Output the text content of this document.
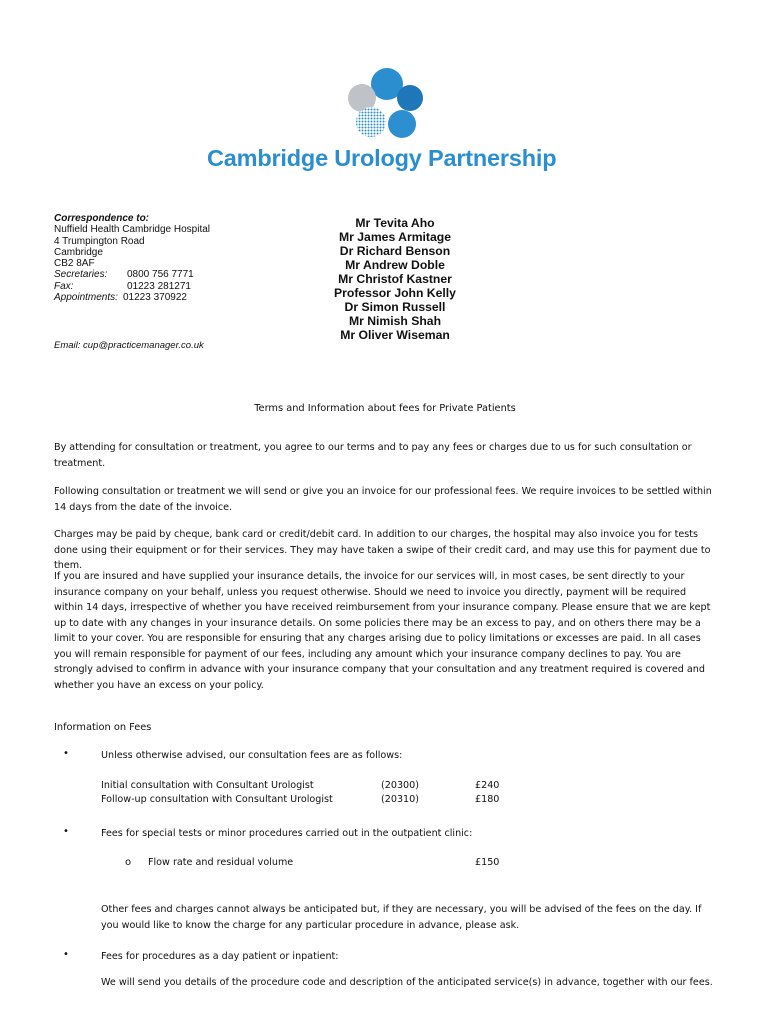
Cambridge Urology Partnership
Correspondence to:
Nuffield Health Cambridge Hospital
4 Trumpington Road
Cambridge
CB2 8AF
Secretaries: 0800 756 7771
Fax:	01223 281271
Appointments: 01223 370922
Mr Tevita Aho
Mr James Armitage
Dr Richard Benson
Mr Andrew Doble
Mr Christof Kastner
Professor John Kelly
Dr Simon Russell
Mr Nimish Shah
Mr Oliver Wiseman
Email: cup@practicemanager.co.uk
Terms and Information about fees for Private Patients
By attending for consultation or treatment, you agree to our terms and to pay any fees or charges due to us for such consultation or treatment.
Following consultation or treatment we will send or give you an invoice for our professional fees. We require invoices to be settled within 14 days from the date of the invoice.
Charges may be paid by cheque, bank card or credit/debit card. In addition to our charges, the hospital may also invoice you for tests done using their equipment or for their services. They may have taken a swipe of their credit card, and may use this for payment due to them.
If you are insured and have supplied your insurance details, the invoice for our services will, in most cases, be sent directly to your insurance company on your behalf, unless you request otherwise. Should we need to invoice you directly, payment will be required within 14 days, irrespective of whether you have received reimbursement from your insurance company. Please ensure that we are kept up to date with any changes in your insurance details. On some policies there may be an excess to pay, and on others there may be a limit to your cover. You are responsible for ensuring that any charges arising due to policy limitations or excesses are paid. In all cases you will remain responsible for payment of our fees, including any amount which your insurance company declines to pay. You are strongly advised to confirm in advance with your insurance company that your consultation and any treatment required is covered and whether you have an excess on your policy.
Information on Fees
•	Unless otherwise advised, our consultation fees are as follows:
Initial consultation with Consultant Urologist	(20300)	£240
Follow-up consultation with Consultant Urologist	(20310)	£180
•	Fees for special tests or minor procedures carried out in the outpatient clinic:
o Flow rate and residual volume	£150
Other fees and charges cannot always be anticipated but, if they are necessary, you will be advised of the fees on the day. If you would like to know the charge for any particular procedure in advance, please ask.
•	Fees for procedures as a day patient or inpatient:
We will send you details of the procedure code and description of the anticipated service(s) in advance, together with our fees.
